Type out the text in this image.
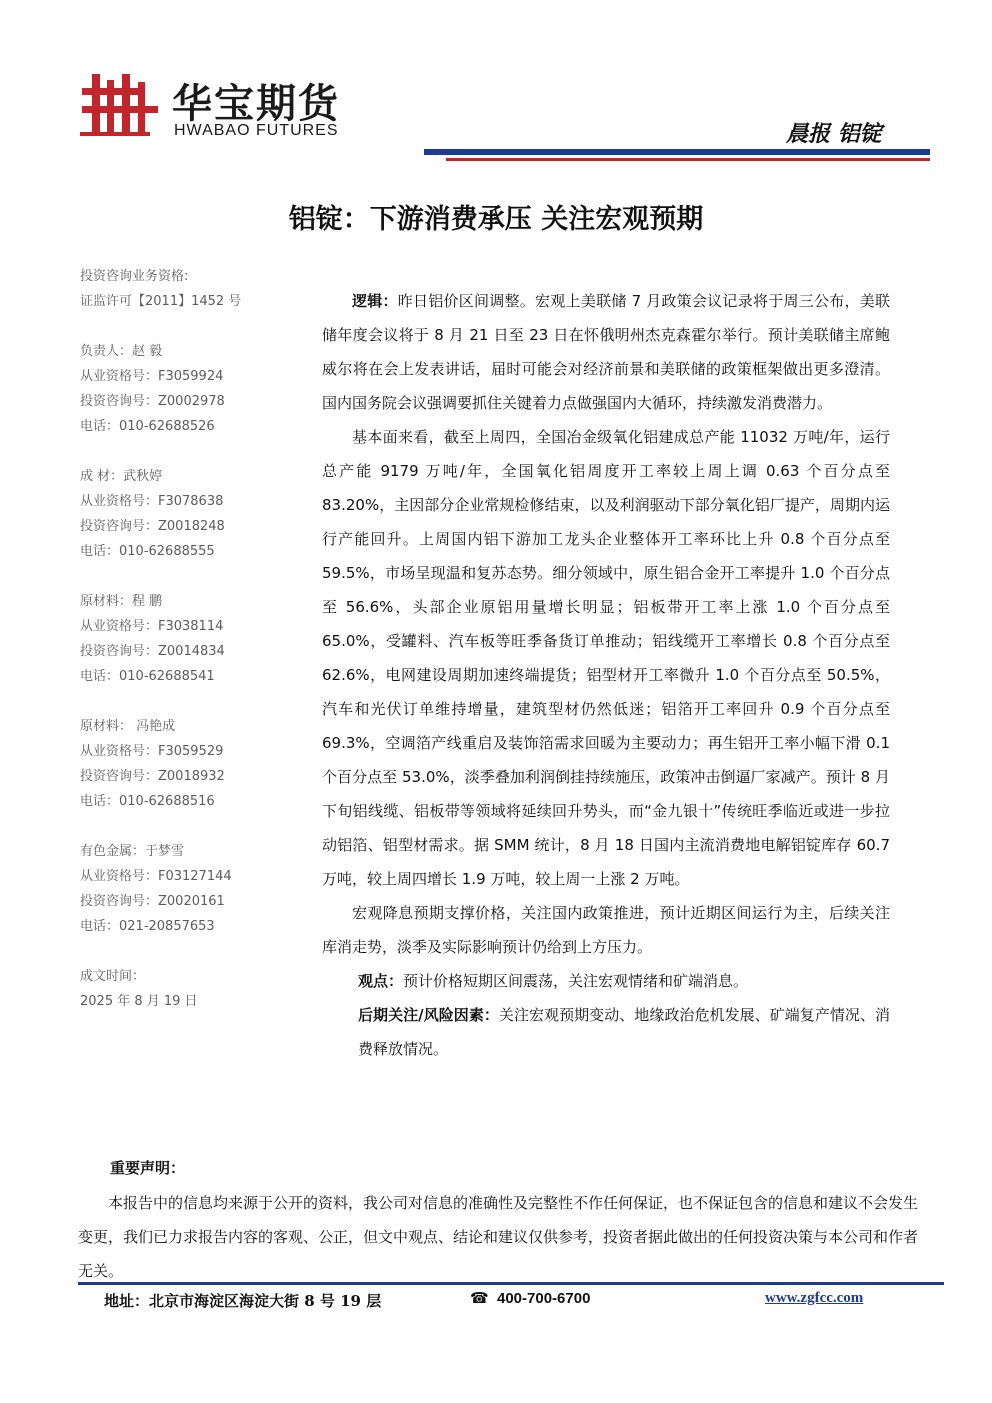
华宝期货
HWABAO FUTURES	晨报 铝锭
铝锭：下游消费承压 关注宏观预期
投资咨询业务资格:
证监许可【2011】1452 号
负责人：赵 毅
从业资格号：F3059924
投资咨询号：Z0002978
电话：010-62688526
成 材：武秋婷
从业资格号：F3078638
投资咨询号：Z0018248
电话：010-62688555
原材料：程 鹏
从业资格号：F3038114
投资咨询号：Z0014834
电话：010-62688541
原材料： 冯艳成
从业资格号：F3059529
投资咨询号：Z0018932
电话：010-62688516
有色金属：于梦雪
从业资格号：F03127144
投资咨询号：Z0020161
电话：021-20857653
成文时间：
2025 年 8 月 19 日

逻辑：昨日铝价区间调整。宏观上美联储 7 月政策会议记录将于周三公布，美联储年度会议将于 8 月 21 日至 23 日在怀俄明州杰克森霍尔举行。预计美联储主席鲍威尔将在会上发表讲话，届时可能会对经济前景和美联储的政策框架做出更多澄清。国内国务院会议强调要抓住关键着力点做强国内大循环，持续激发消费潜力。

基本面来看，截至上周四，全国冶金级氧化铝建成总产能 11032 万吨/年，运行总产能 9179 万吨/年，全国氧化铝周度开工率较上周上调 0.63 个百分点至 83.20%，主因部分企业常规检修结束，以及利润驱动下部分氧化铝厂提产，周期内运行产能回升。上周国内铝下游加工龙头企业整体开工率环比上升 0.8 个百分点至 59.5%，市场呈现温和复苏态势。细分领域中，原生铝合金开工率提升 1.0 个百分点至 56.6%，头部企业原铝用量增长明显；铝板带开工率上涨 1.0 个百分点至 65.0%，受罐料、汽车板等旺季备货订单推动；铝线缆开工率增长 0.8 个百分点至 62.6%，电网建设周期加速终端提货；铝型材开工率微升 1.0 个百分点至 50.5%，汽车和光伏订单维持增量，建筑型材仍然低迷；铝箔开工率回升 0.9 个百分点至 69.3%，空调箔产线重启及装饰箔需求回暖为主要动力；再生铝开工率小幅下滑 0.1 个百分点至 53.0%，淡季叠加利润倒挂持续施压，政策冲击倒逼厂家减产。预计 8 月下旬铝线缆、铝板带等领域将延续回升势头，而“金九银十”传统旺季临近或进一步拉动铝箔、铝型材需求。据 SMM 统计，8 月 18 日国内主流消费地电解铝锭库存 60.7 万吨，较上周四增长 1.9 万吨，较上周一上涨 2 万吨。

宏观降息预期支撑价格，关注国内政策推进，预计近期区间运行为主，后续关注库消走势，淡季及实际影响预计仍给到上方压力。

观点：预计价格短期区间震荡，关注宏观情绪和矿端消息。

后期关注/风险因素：关注宏观预期变动、地缘政治危机发展、矿端复产情况、消费释放情况。

重要声明：

本报告中的信息均来源于公开的资料，我公司对信息的准确性及完整性不作任何保证，也不保证包含的信息和建议不会发生变更，我们已力求报告内容的客观、公正，但文中观点、结论和建议仅供参考，投资者据此做出的任何投资决策与本公司和作者无关。

地址：北京市海淀区海淀大街 8 号 19 层	☎ 400-700-6700	www.zgfcc.com
